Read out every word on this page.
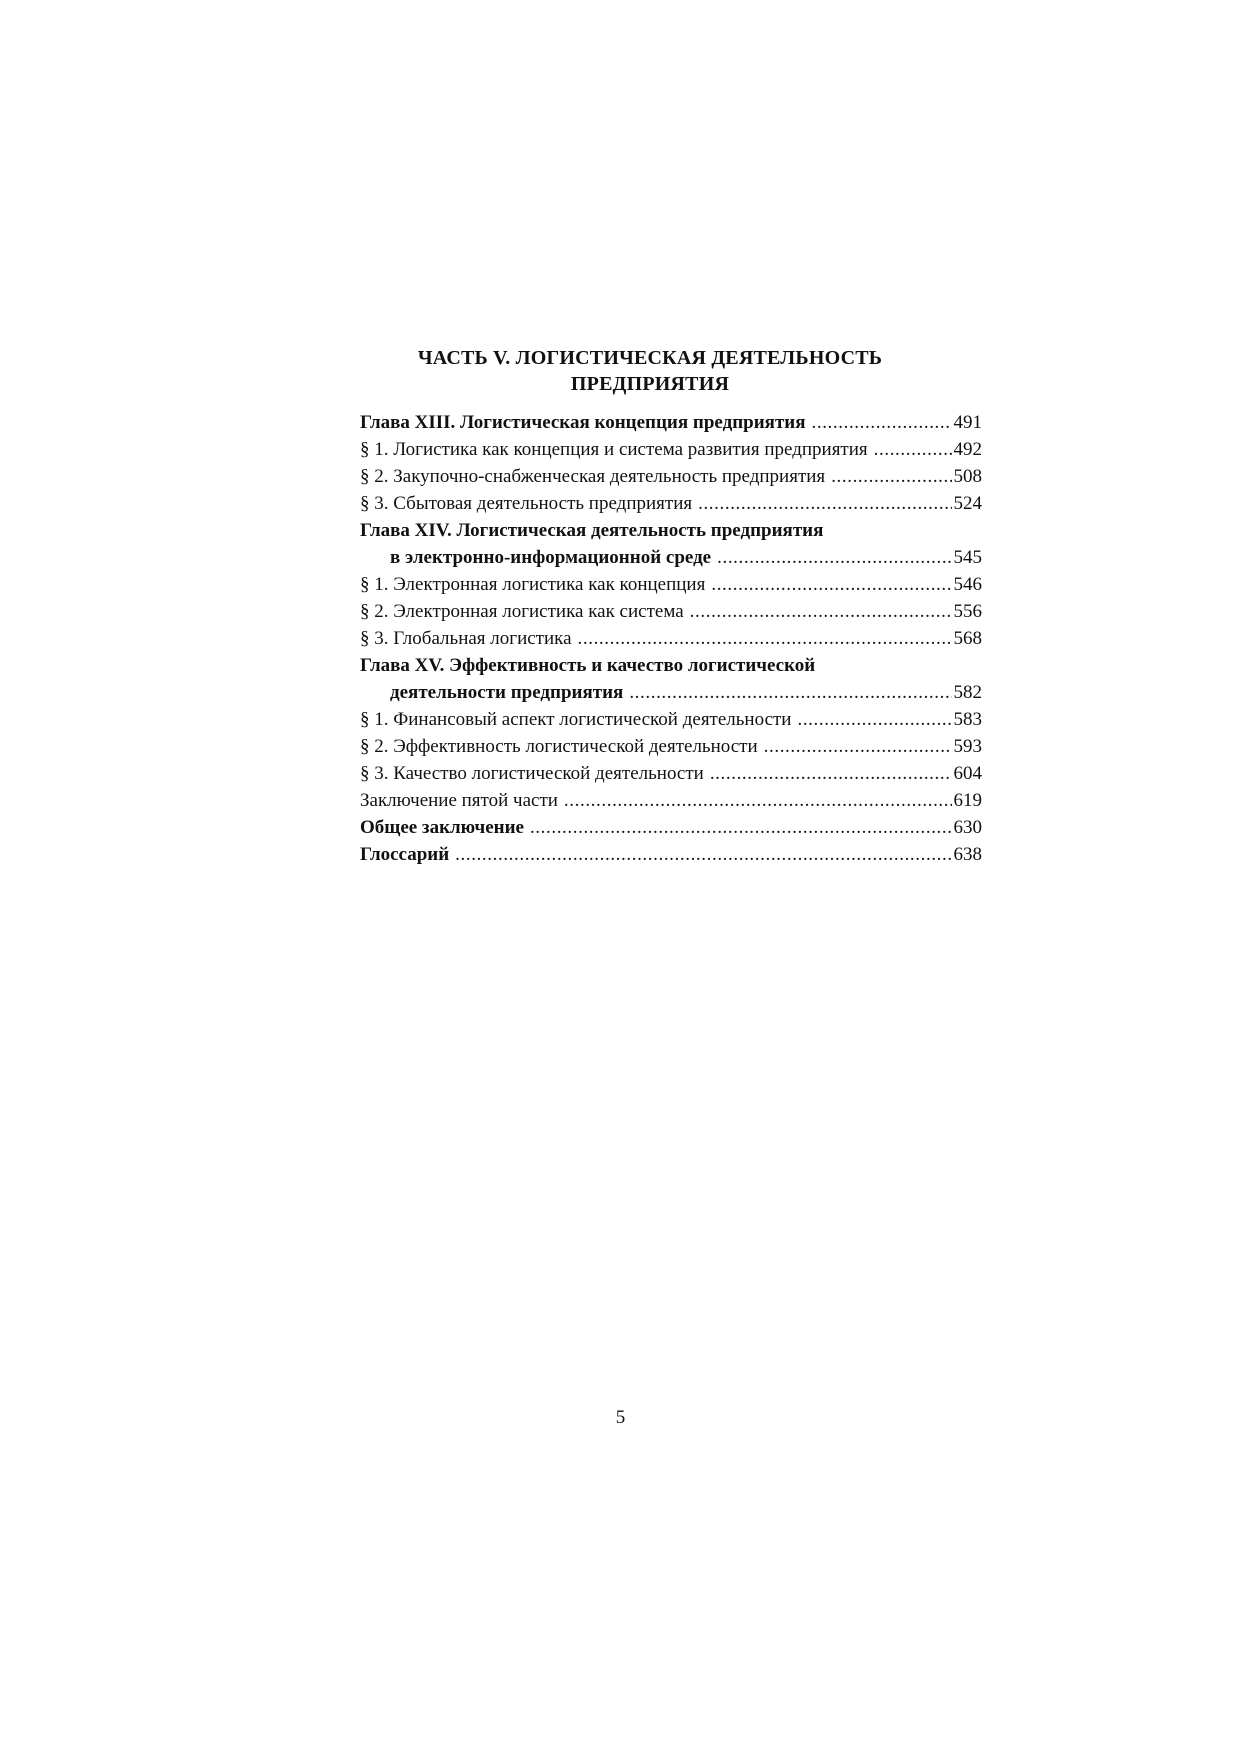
ЧАСТЬ V. ЛОГИСТИЧЕСКАЯ ДЕЯТЕЛЬНОСТЬ
ПРЕДПРИЯТИЯ
Глава XIII. Логистическая концепция предприятия .....	491
§ 1. Логистика как концепция и система развития предприятия .....	492
§ 2. Закупочно-снабженческая деятельность предприятия .....	508
§ 3. Сбытовая деятельность предприятия .....	524
Глава XIV. Логистическая деятельность предприятия
в электронно-информационной среде .....	545
§ 1. Электронная логистика как концепция .....	546
§ 2. Электронная логистика как система .....	556
§ 3. Глобальная логистика .....	568
Глава XV. Эффективность и качество логистической
деятельности предприятия .....	582
§ 1. Финансовый аспект логистической деятельности .....	583
§ 2. Эффективность логистической деятельности .....	593
§ 3. Качество логистической деятельности .....	604
Заключение пятой части .....	619
Общее заключение .....	630
Глоссарий .....	638
5
